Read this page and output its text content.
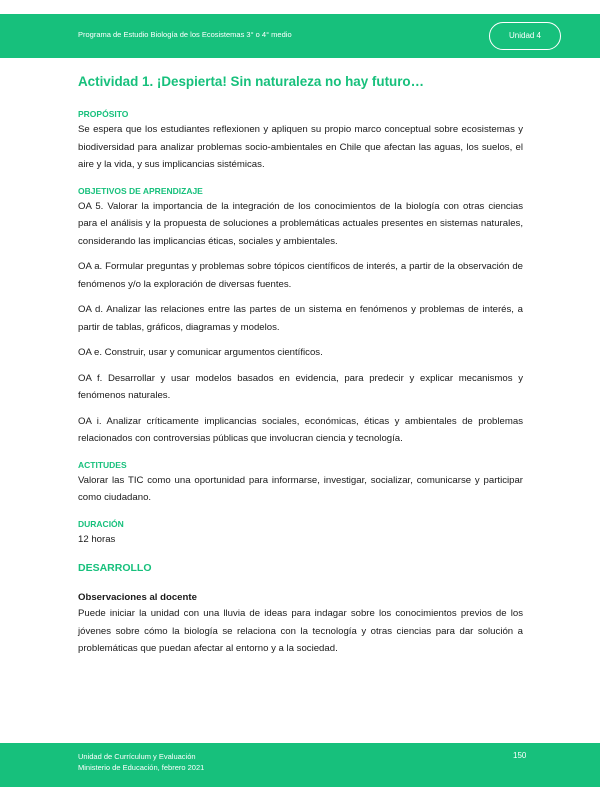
Programa de Estudio Biología de los Ecosistemas 3° o 4° medio	Unidad 4
Actividad 1. ¡Despierta! Sin naturaleza no hay futuro…
PROPÓSITO

Se espera que los estudiantes reflexionen y apliquen su propio marco conceptual sobre ecosistemas y biodiversidad para analizar problemas socio-ambientales en Chile que afectan las aguas, los suelos, el aire y la vida, y sus implicancias sistémicas.

OBJETIVOS DE APRENDIZAJE

OA 5. Valorar la importancia de la integración de los conocimientos de la biología con otras ciencias para el análisis y la propuesta de soluciones a problemáticas actuales presentes en sistemas naturales, considerando las implicancias éticas, sociales y ambientales.

OA a. Formular preguntas y problemas sobre tópicos científicos de interés, a partir de la observación de fenómenos y/o la exploración de diversas fuentes.

OA d. Analizar las relaciones entre las partes de un sistema en fenómenos y problemas de interés, a partir de tablas, gráficos, diagramas y modelos.

OA e. Construir, usar y comunicar argumentos científicos.

OA f. Desarrollar y usar modelos basados en evidencia, para predecir y explicar mecanismos y fenómenos naturales.

OA i. Analizar críticamente implicancias sociales, económicas, éticas y ambientales de problemas relacionados con controversias públicas que involucran ciencia y tecnología.

ACTITUDES

Valorar las TIC como una oportunidad para informarse, investigar, socializar, comunicarse y participar como ciudadano.

DURACIÓN

12 horas

DESARROLLO
Observaciones al docente

Puede iniciar la unidad con una lluvia de ideas para indagar sobre los conocimientos previos de los jóvenes sobre cómo la biología se relaciona con la tecnología y otras ciencias para dar solución a problemáticas que puedan afectar al entorno y a la sociedad.

Unidad de Currículum y Evaluación
Ministerio de Educación, febrero 2021
150
